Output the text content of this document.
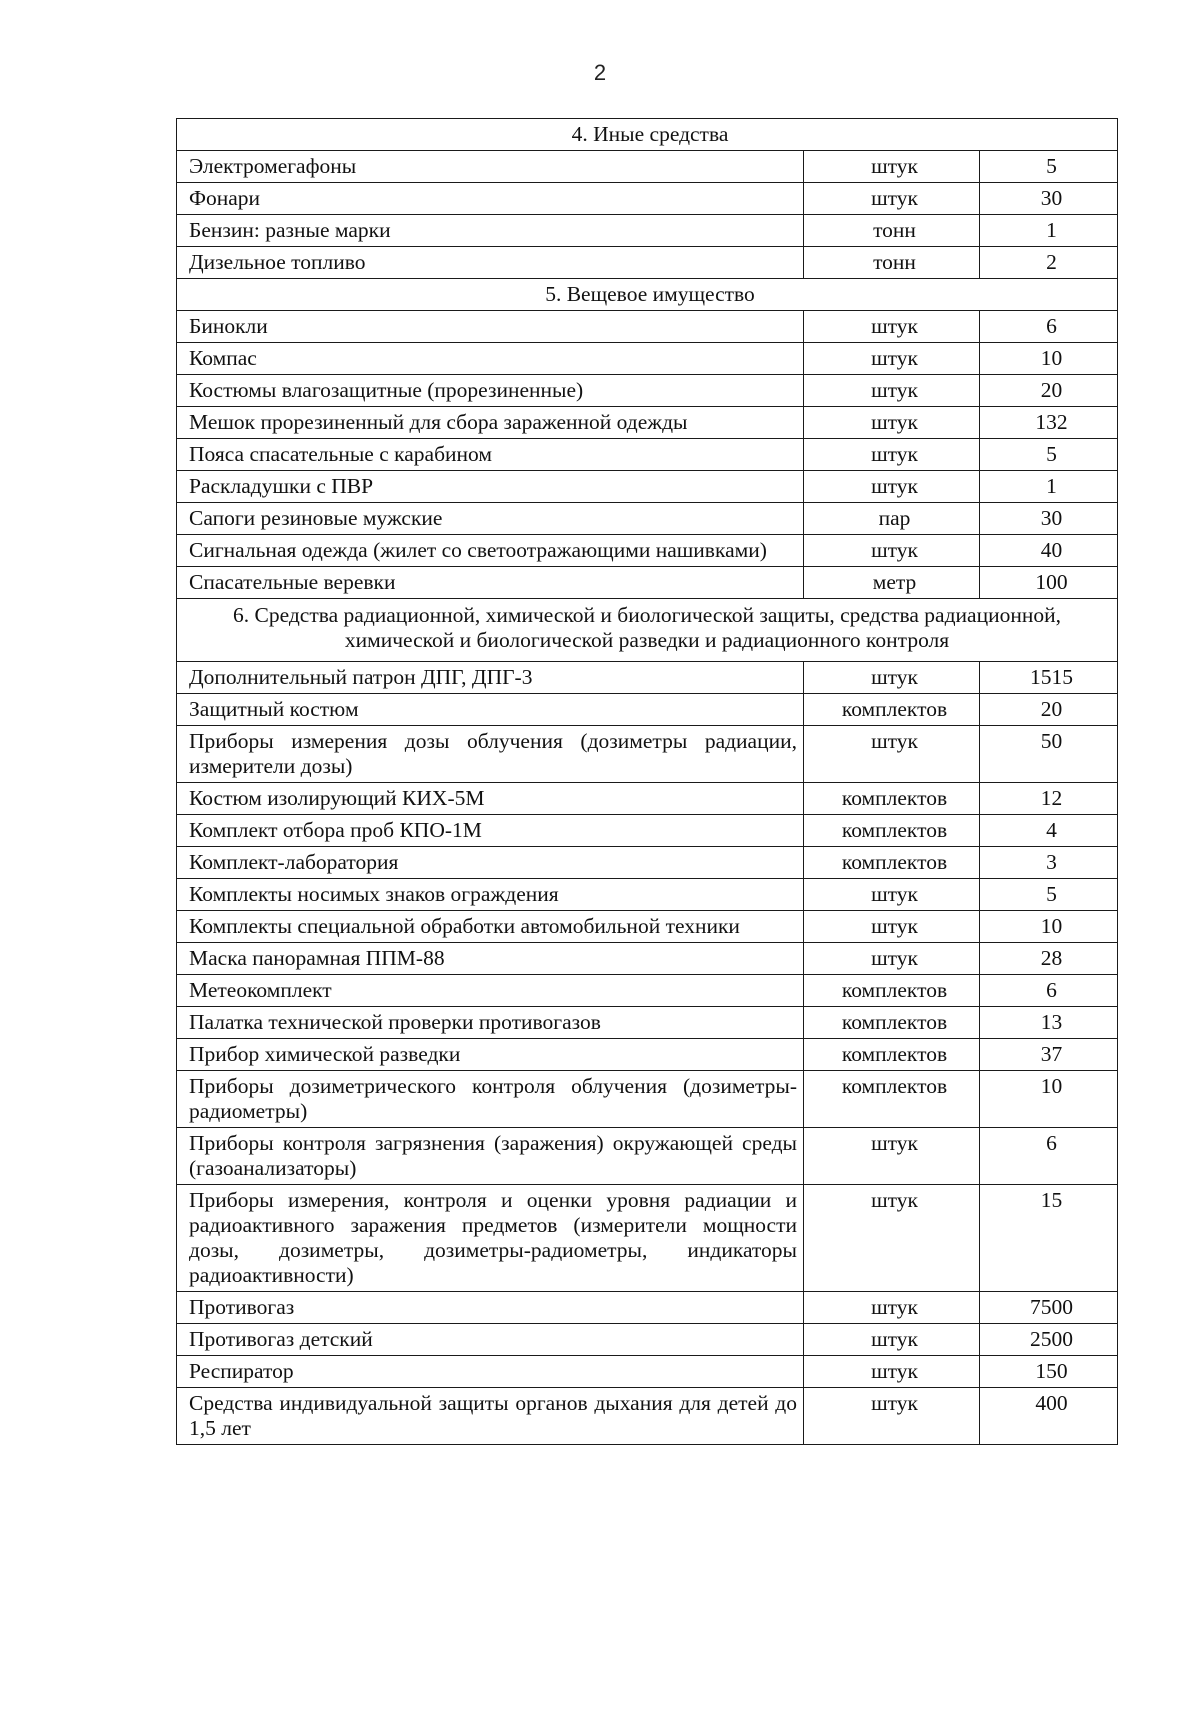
2
4. Иные средства		
Электромегафоны	штук	5
Фонари	штук	30
Бензин: разные марки	тонн	1
Дизельное топливо	тонн	2
5. Вещевое имущество		
Бинокли	штук	6
Компас	штук	10
Костюмы влагозащитные (прорезиненные)	штук	20
Мешок прорезиненный для сбора зараженной одежды	штук	132
Пояса спасательные с карабином	штук	5
Раскладушки с ПВР	штук	1
Сапоги резиновые мужские	пар	30
Сигнальная одежда (жилет со светоотражающими нашивками)	штук	40
Спасательные веревки	метр	100
6. Средства радиационной, химической и биологической защиты, средства радиационной, химической и биологической разведки и радиационного контроля		
Дополнительный патрон ДПГ, ДПГ-3	штук	1515
Защитный костюм	комплектов	20
Приборы измерения дозы облучения (дозиметры радиации, измерители дозы)	штук	50
Костюм изолирующий КИХ-5М	комплектов	12
Комплект отбора проб КПО-1М	комплектов	4
Комплект-лаборатория	комплектов	3
Комплекты носимых знаков ограждения	штук	5
Комплекты специальной обработки автомобильной техники	штук	10
Маска панорамная ППМ-88	штук	28
Метеокомплект	комплектов	6
Палатка технической проверки противогазов	комплектов	13
Прибор химической разведки	комплектов	37
Приборы дозиметрического контроля облучения (дозиметры-радиометры)	комплектов	10
Приборы контроля загрязнения (заражения) окружающей среды (газоанализаторы)	штук	6
Приборы измерения, контроля и оценки уровня радиации и радиоактивного заражения предметов (измерители мощности дозы, дозиметры, дозиметры-радиометры, индикаторы радиоактивности)	штук	15
Противогаз	штук	7500
Противогаз детский	штук	2500
Респиратор	штук	150
Средства индивидуальной защиты органов дыхания для детей до 1,5 лет	штук	400
